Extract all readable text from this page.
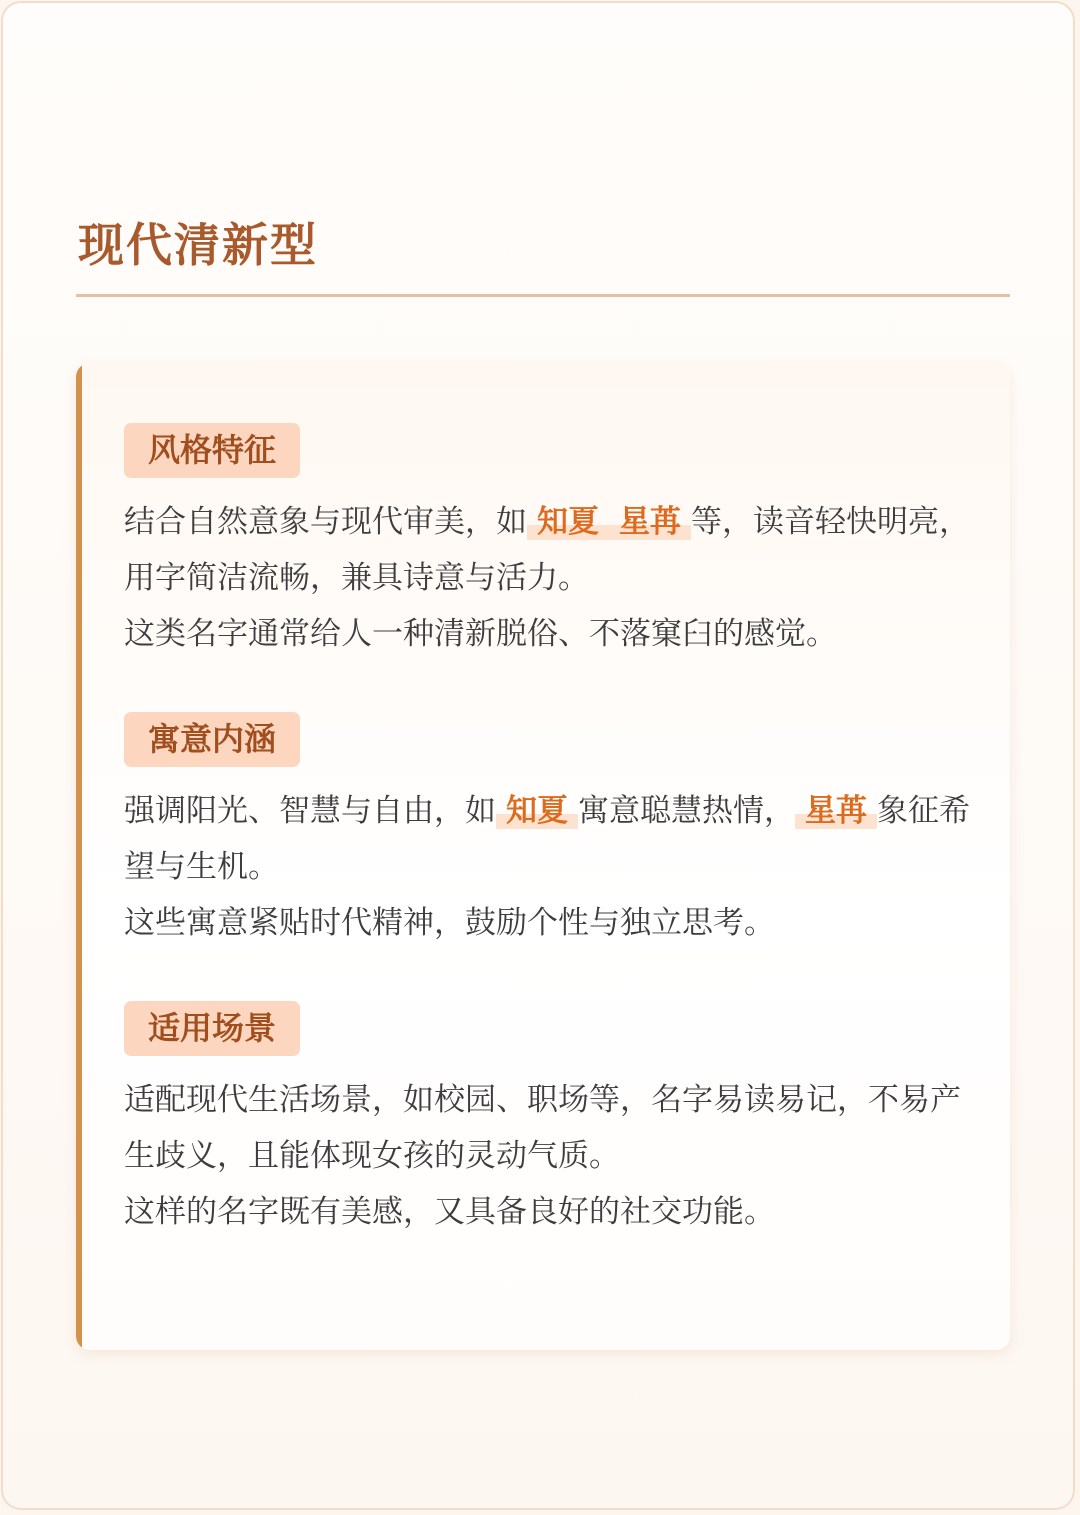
现代清新型
风格特征

结合自然意象与现代审美，如 知夏 星苒 等，读音轻快明亮，用字简洁流畅，兼具诗意与活力。

这类名字通常给人一种清新脱俗、不落窠臼的感觉。

寓意内涵

强调阳光、智慧与自由，如 知夏 寓意聪慧热情， 星苒 象征希望与生机。

这些寓意紧贴时代精神，鼓励个性与独立思考。

适用场景

适配现代生活场景，如校园、职场等，名字易读易记，不易产生歧义，且能体现女孩的灵动气质。

这样的名字既有美感，又具备良好的社交功能。
